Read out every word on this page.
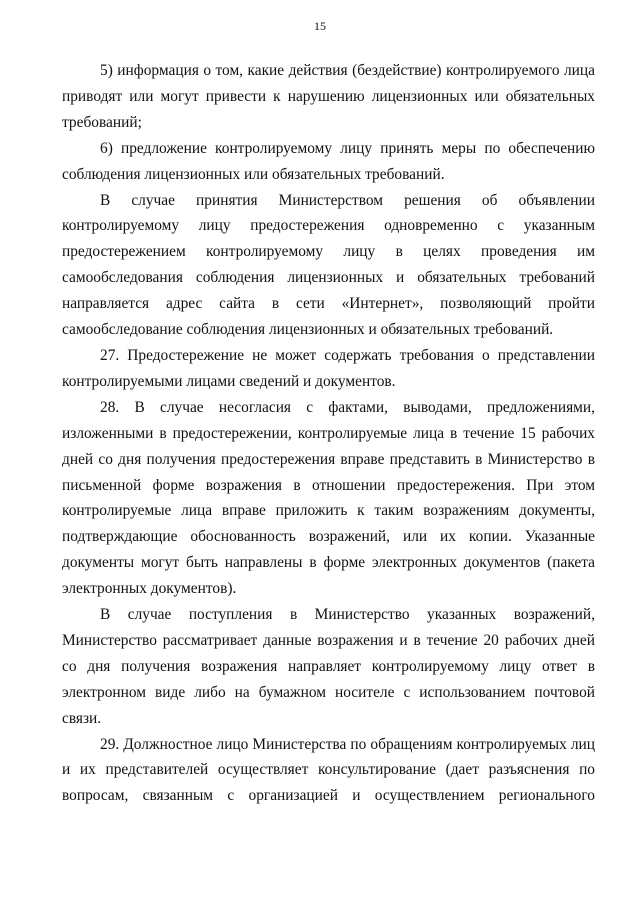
15

5) информация о том, какие действия (бездействие) контролируемого лица приводят или могут привести к нарушению лицензионных или обязательных требований;

6) предложение контролируемому лицу принять меры по обеспечению соблюдения лицензионных или обязательных требований.

В случае принятия Министерством решения об объявлении контролируемому лицу предостережения одновременно с указанным предостережением контролируемому лицу в целях проведения им самообследования соблюдения лицензионных и обязательных требований направляется адрес сайта в сети «Интернет», позволяющий пройти самообследование соблюдения лицензионных и обязательных требований.

27. Предостережение не может содержать требования о представлении контролируемыми лицами сведений и документов.

28. В случае несогласия с фактами, выводами, предложениями, изложенными в предостережении, контролируемые лица в течение 15 рабочих дней со дня получения предостережения вправе представить в Министерство в письменной форме возражения в отношении предостережения. При этом контролируемые лица вправе приложить к таким возражениям документы, подтверждающие обоснованность возражений, или их копии. Указанные документы могут быть направлены в форме электронных документов (пакета электронных документов).

В случае поступления в Министерство указанных возражений, Министерство рассматривает данные возражения и в течение 20 рабочих дней со дня получения возражения направляет контролируемому лицу ответ в электронном виде либо на бумажном носителе с использованием почтовой связи.

29. Должностное лицо Министерства по обращениям контролируемых лиц и их представителей осуществляет консультирование (дает разъяснения по вопросам, связанным с организацией и осуществлением регионального
